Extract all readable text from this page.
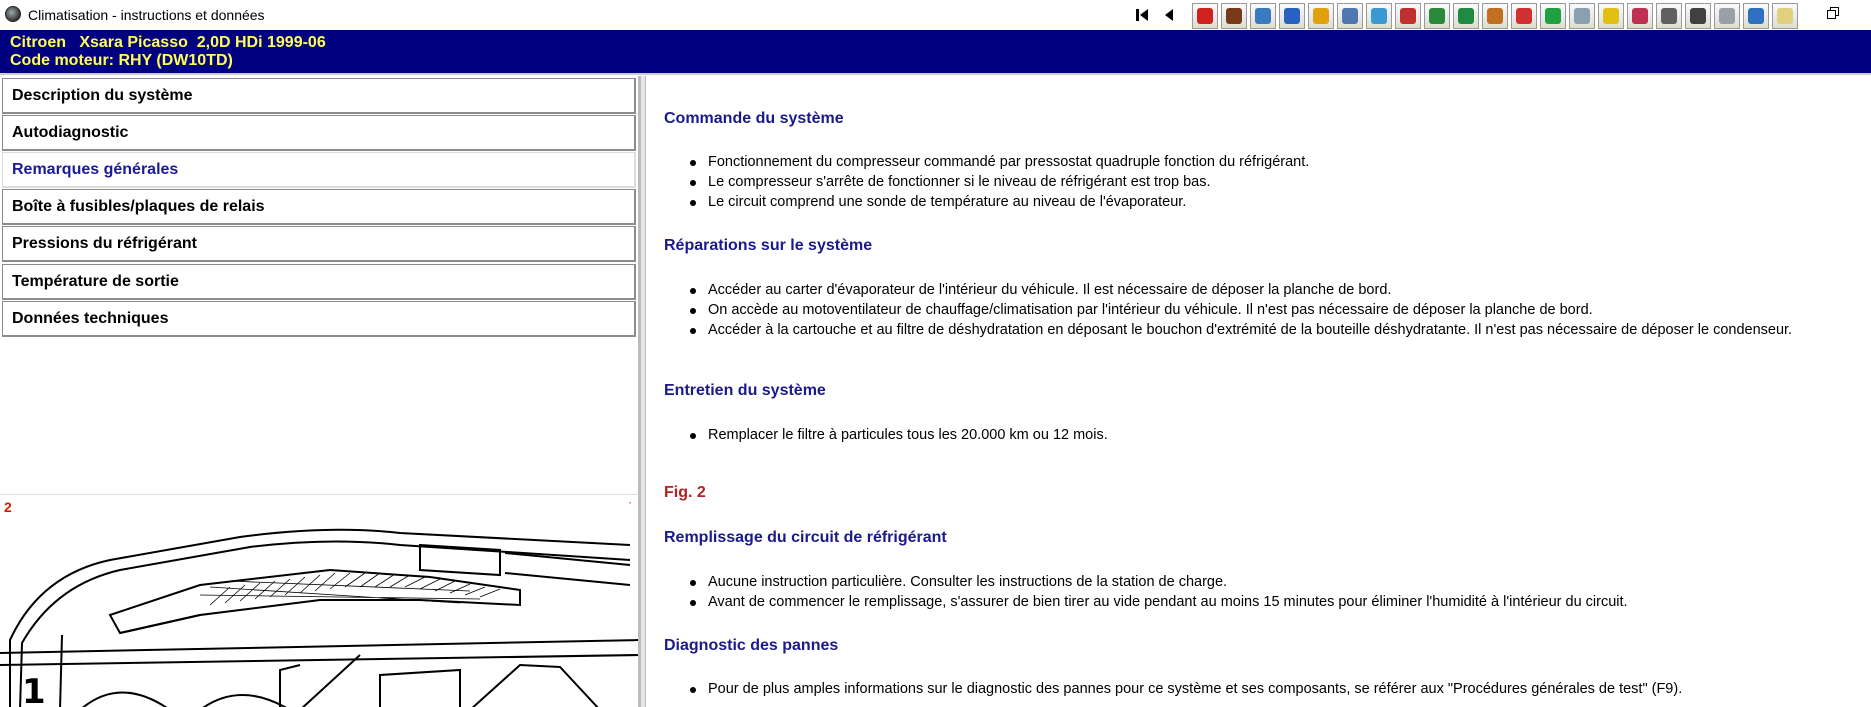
Climatisation - instructions et données
Citroen   Xsara Picasso  2,0D HDi 1999-06
Code moteur: RHY (DW10TD)
Description du système
Autodiagnostic
Remarques générales
Boîte à fusibles/plaques de relais
Pressions du réfrigérant
Température de sortie
Données techniques
2	·
1
Commande du système
Fonctionnement du compresseur commandé par pressostat quadruple fonction du réfrigérant.
Le compresseur s'arrête de fonctionner si le niveau de réfrigérant est trop bas.
Le circuit comprend une sonde de température au niveau de l'évaporateur.
Réparations sur le système
Accéder au carter d'évaporateur de l'intérieur du véhicule. Il est nécessaire de déposer la planche de bord.
On accède au motoventilateur de chauffage/climatisation par l'intérieur du véhicule. Il n'est pas nécessaire de déposer la planche de bord.
Accéder à la cartouche et au filtre de déshydratation en déposant le bouchon d'extrémité de la bouteille déshydratante. Il n'est pas nécessaire de déposer le condenseur.
Entretien du système
Remplacer le filtre à particules tous les 20.000 km ou 12 mois.
Fig. 2
Remplissage du circuit de réfrigérant
Aucune instruction particulière. Consulter les instructions de la station de charge.
Avant de commencer le remplissage, s'assurer de bien tirer au vide pendant au moins 15 minutes pour éliminer l'humidité à l'intérieur du circuit.
Diagnostic des pannes
Pour de plus amples informations sur le diagnostic des pannes pour ce système et ses composants, se référer aux "Procédures générales de test" (F9).
